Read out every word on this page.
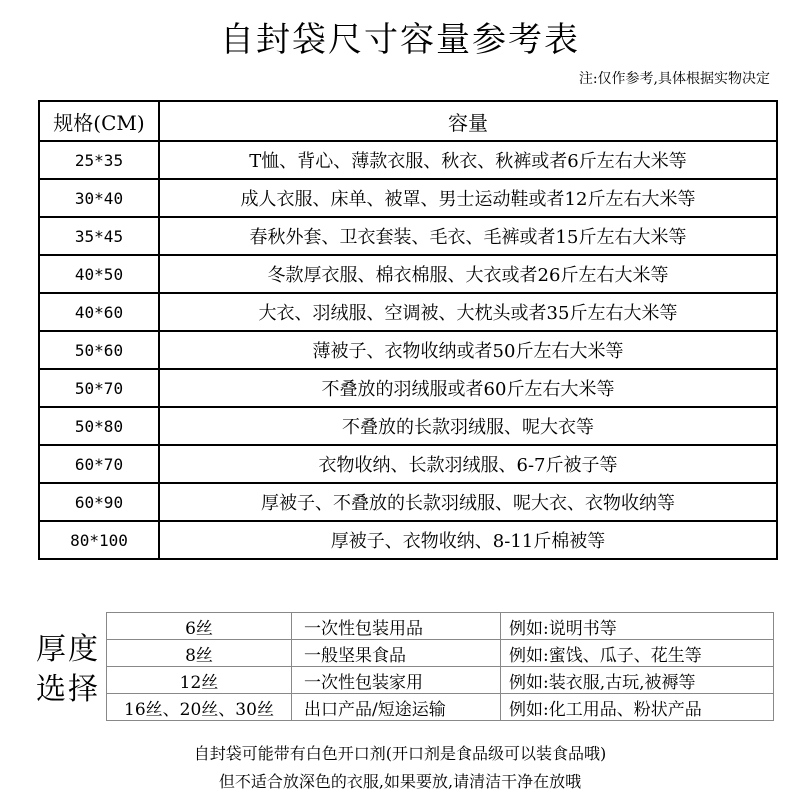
自封袋尺寸容量参考表
注:仅作参考,具体根据实物决定
规格(CM)	容量
25*35	T恤、背心、薄款衣服、秋衣、秋裤或者6斤左右大米等
30*40	成人衣服、床单、被罩、男士运动鞋或者12斤左右大米等
35*45	春秋外套、卫衣套装、毛衣、毛裤或者15斤左右大米等
40*50	冬款厚衣服、棉衣棉服、大衣或者26斤左右大米等
40*60	大衣、羽绒服、空调被、大枕头或者35斤左右大米等
50*60	薄被子、衣物收纳或者50斤左右大米等
50*70	不叠放的羽绒服或者60斤左右大米等
50*80	不叠放的长款羽绒服、呢大衣等
60*70	衣物收纳、长款羽绒服、6-7斤被子等
60*90	厚被子、不叠放的长款羽绒服、呢大衣、衣物收纳等
80*100	厚被子、衣物收纳、8-11斤棉被等
厚度
选择
6丝	一次性包装用品	例如:说明书等
8丝	一般坚果食品	例如:蜜饯、瓜子、花生等
12丝	一次性包装家用	例如:装衣服,古玩,被褥等
16丝、20丝、30丝	出口产品/短途运输	例如:化工用品、粉状产品
自封袋可能带有白色开口剂(开口剂是食品级可以装食品哦)
但不适合放深色的衣服,如果要放,请清洁干净在放哦
